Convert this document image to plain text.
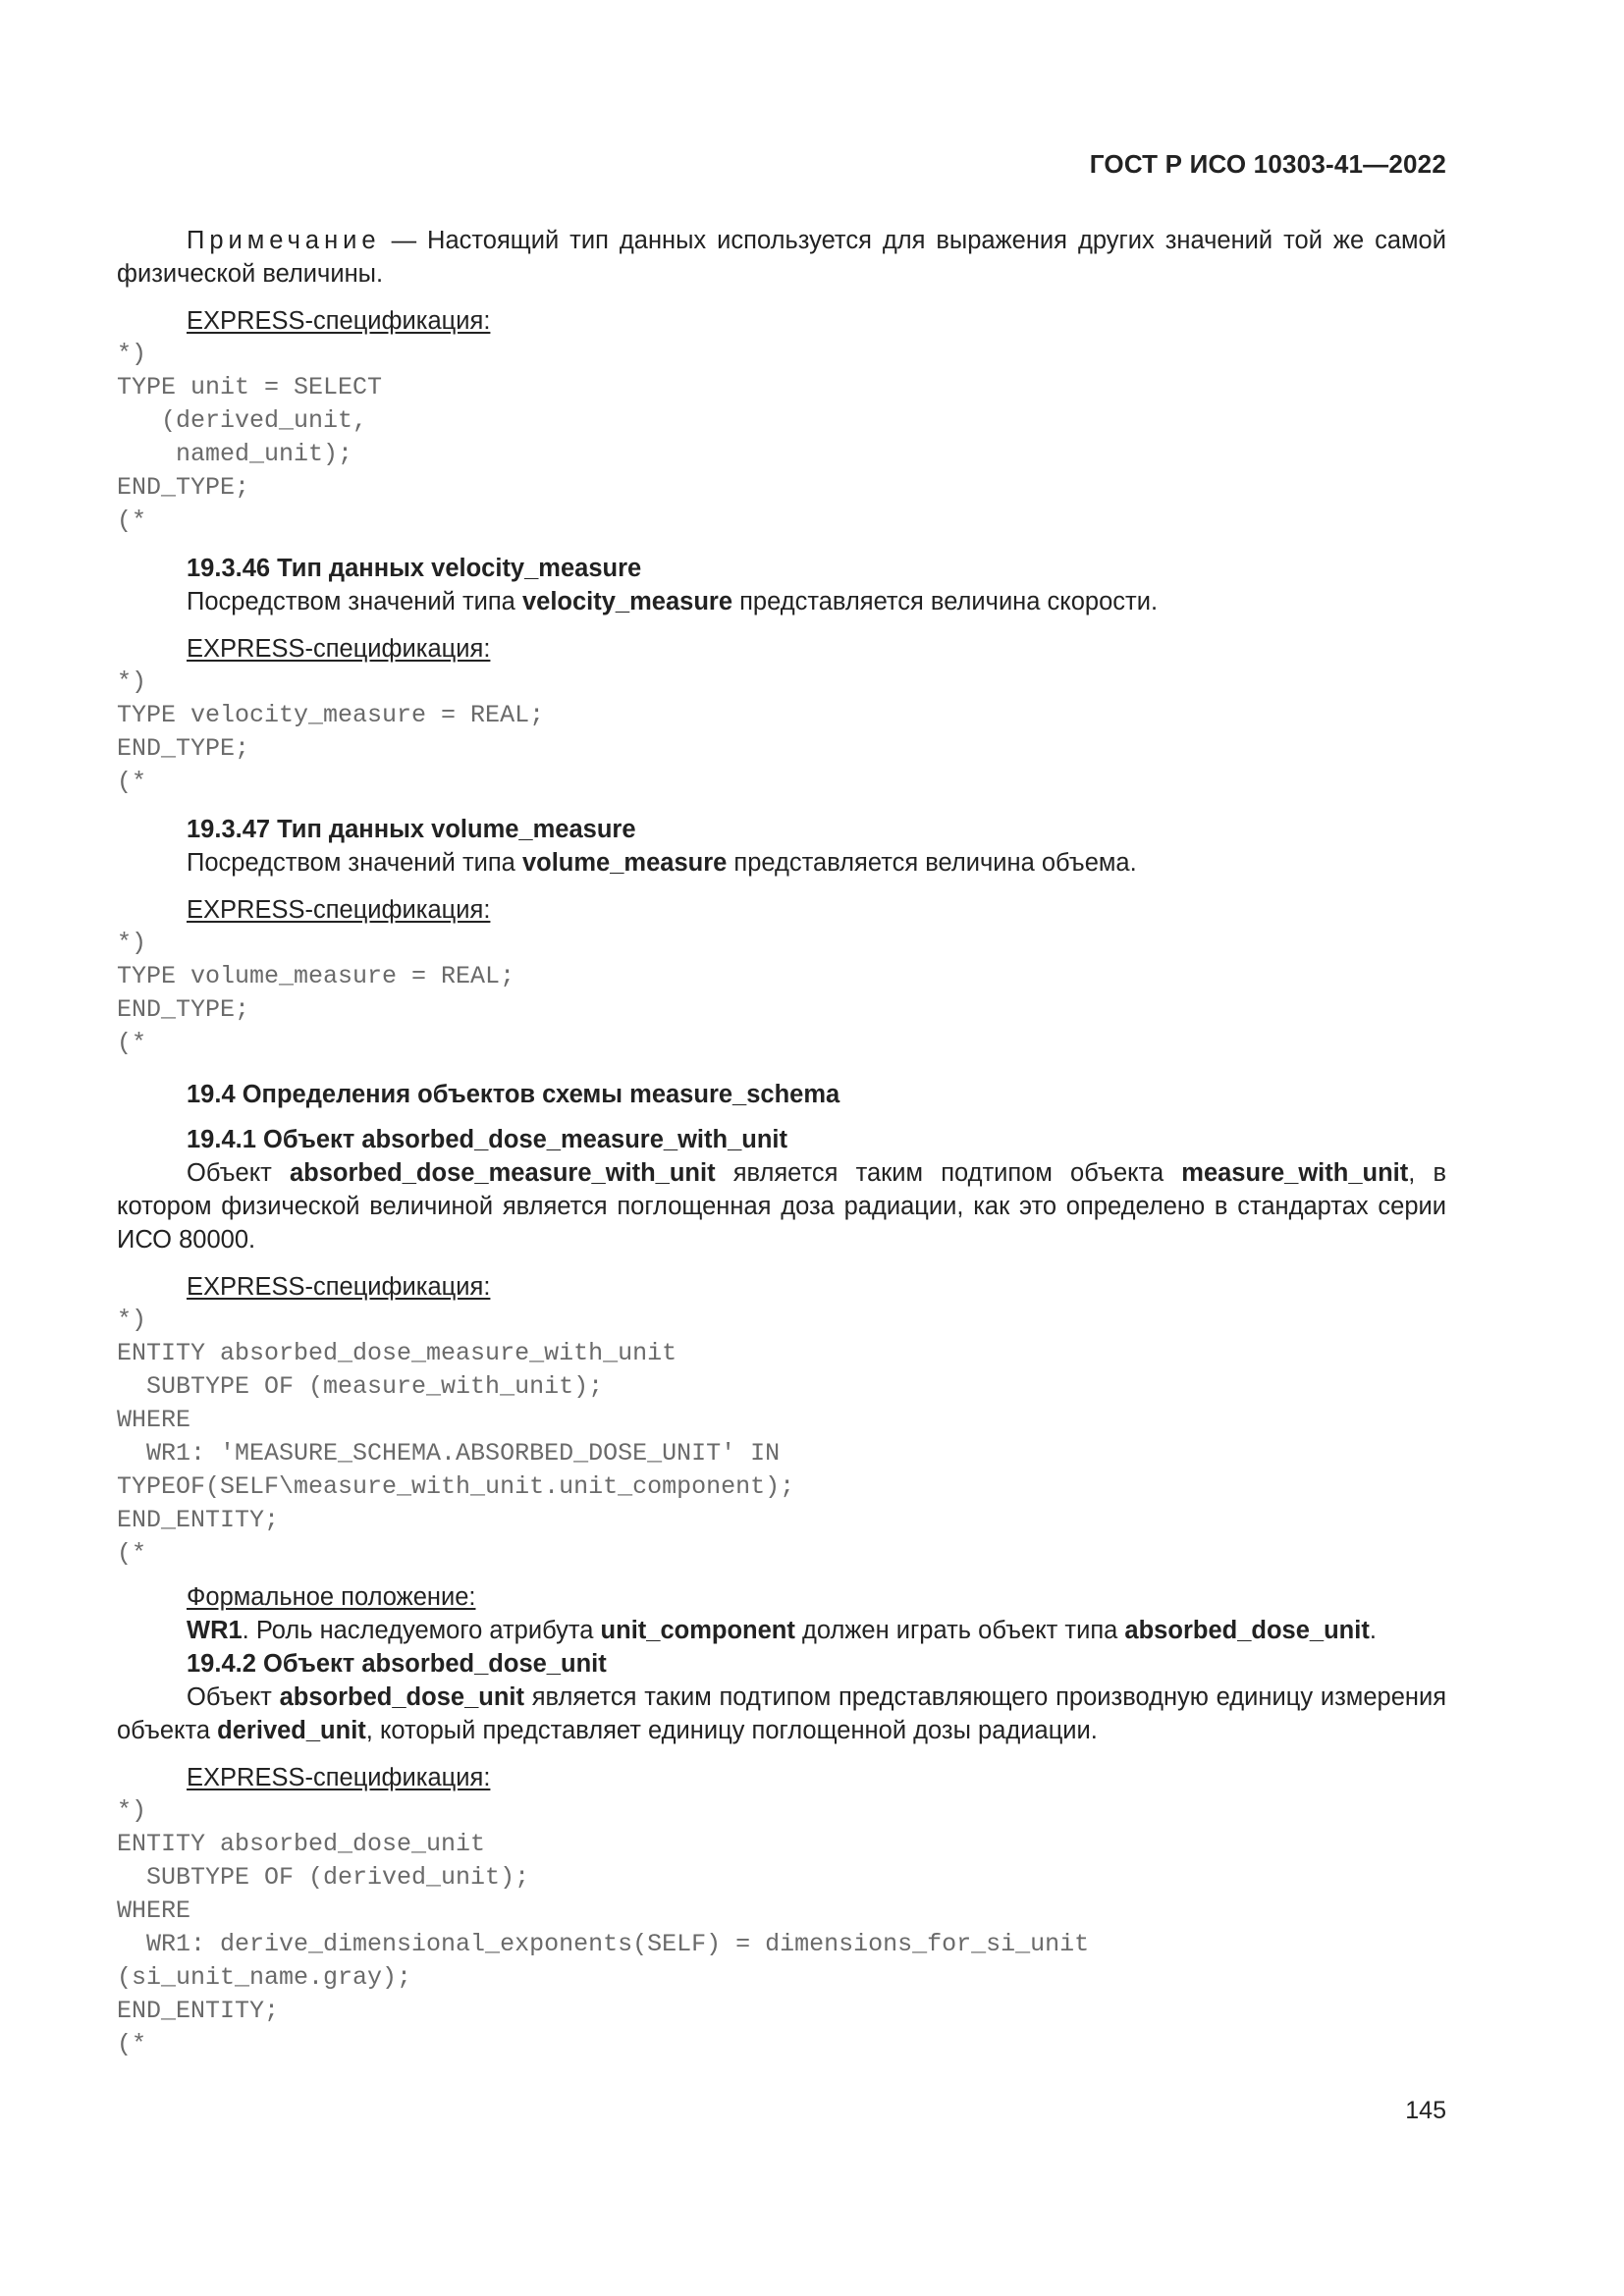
ГОСТ Р ИСО 10303-41—2022

Примечание — Настоящий тип данных используется для выражения других значений той же самой физической величины.

EXPRESS-спецификация:

*)
TYPE unit = SELECT
(derived_unit,
named_unit);
END_TYPE;
(*

19.3.46 Тип данных velocity_measure

Посредством значений типа velocity_measure представляется величина скорости.

EXPRESS-спецификация:

*)
TYPE velocity_measure = REAL;
END_TYPE;
(*

19.3.47 Тип данных volume_measure

Посредством значений типа volume_measure представляется величина объема.

EXPRESS-спецификация:

*)
TYPE volume_measure = REAL;
END_TYPE;
(*

19.4 Определения объектов схемы measure_schema

19.4.1 Объект absorbed_dose_measure_with_unit

Объект absorbed_dose_measure_with_unit является таким подтипом объекта measure_with_unit, в котором физической величиной является поглощенная доза радиации, как это определено в стандартах серии ИСО 80000.

EXPRESS-спецификация:

*)
ENTITY absorbed_dose_measure_with_unit
SUBTYPE OF (measure_with_unit);
WHERE
WR1: 'MEASURE_SCHEMA.ABSORBED_DOSE_UNIT' IN
TYPEOF(SELF\measure_with_unit.unit_component);
END_ENTITY;
(*

Формальное положение:

WR1. Роль наследуемого атрибута unit_component должен играть объект типа absorbed_dose_unit.

19.4.2 Объект absorbed_dose_unit

Объект absorbed_dose_unit является таким подтипом представляющего производную единицу измерения объекта derived_unit, который представляет единицу поглощенной дозы радиации.

EXPRESS-спецификация:

*)
ENTITY absorbed_dose_unit
SUBTYPE OF (derived_unit);
WHERE
WR1: derive_dimensional_exponents(SELF) = dimensions_for_si_unit
(si_unit_name.gray);
END_ENTITY;
(*

145
